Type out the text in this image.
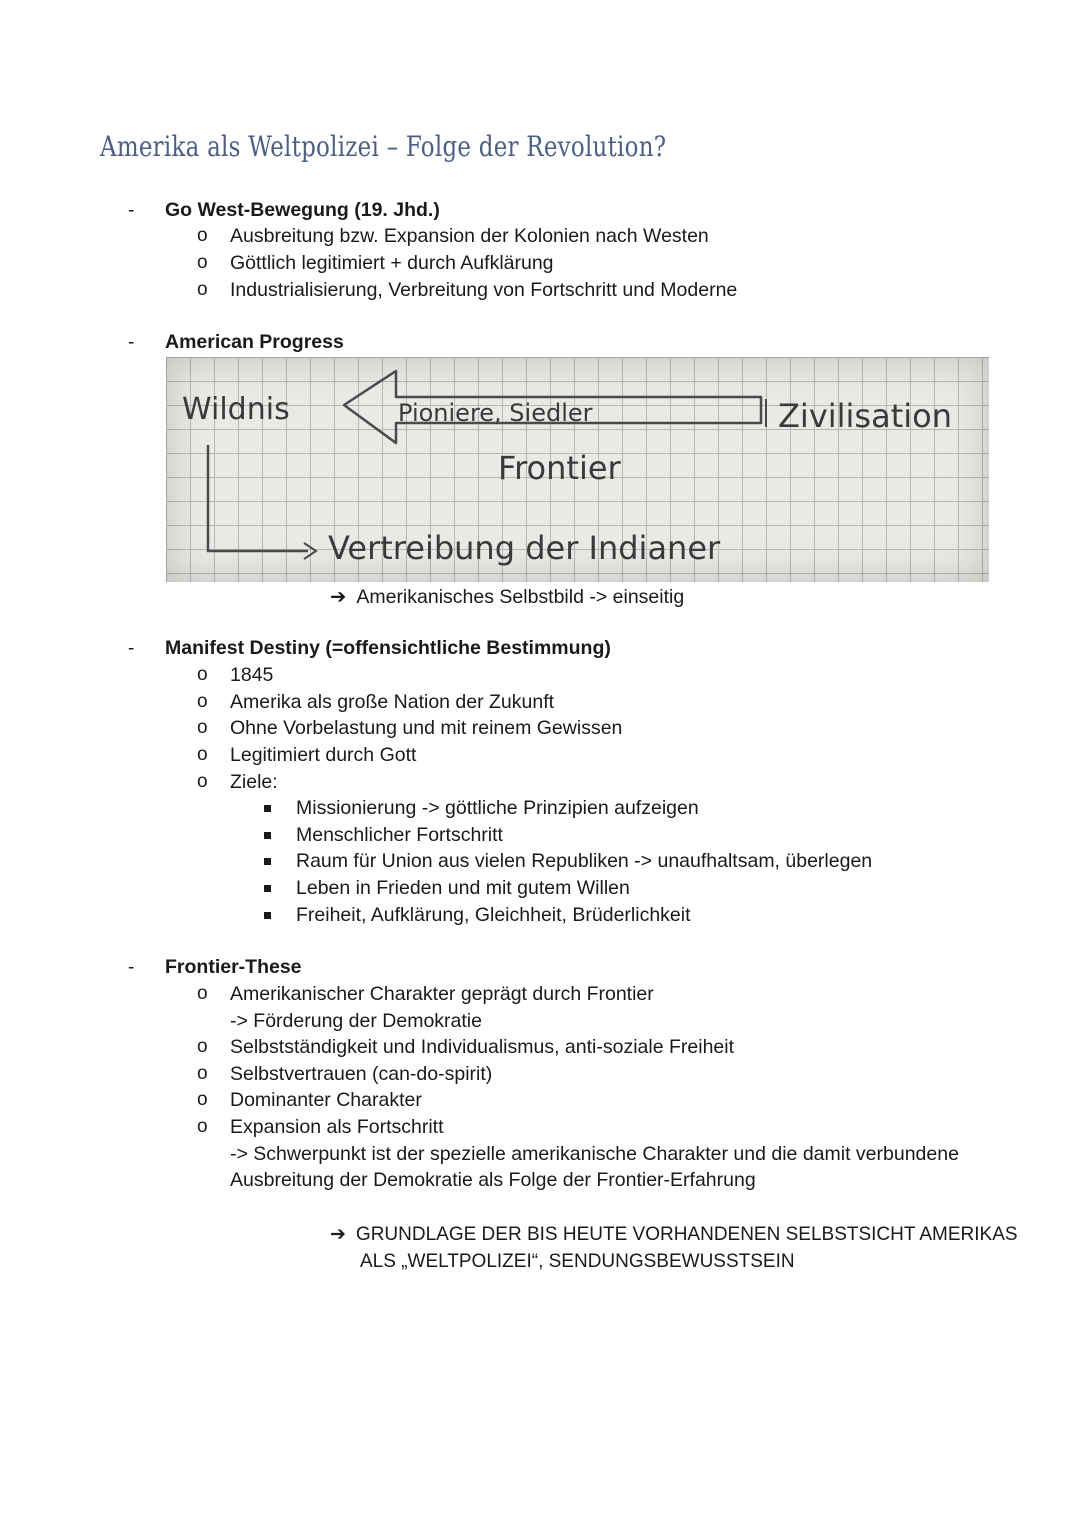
Amerika als Weltpolizei – Folge der Revolution?
- Go West-Bewegung (19. Jhd.)
o Ausbreitung bzw. Expansion der Kolonien nach Westen
o Göttlich legitimiert + durch Aufklärung
o Industrialisierung, Verbreitung von Fortschritt und Moderne
- American Progress
Wildnis	Pioniere, Siedler	Zivilisation
Frontier
Vertreibung der Indianer
➔ Amerikanisches Selbstbild -> einseitig
- Manifest Destiny (=offensichtliche Bestimmung)
o 1845
o Amerika als große Nation der Zukunft
o Ohne Vorbelastung und mit reinem Gewissen
o Legitimiert durch Gott
o Ziele:
Missionierung -> göttliche Prinzipien aufzeigen
Menschlicher Fortschritt
Raum für Union aus vielen Republiken -> unaufhaltsam, überlegen
Leben in Frieden und mit gutem Willen
Freiheit, Aufklärung, Gleichheit, Brüderlichkeit
- Frontier-These
o Amerikanischer Charakter geprägt durch Frontier
-> Förderung der Demokratie
o Selbstständigkeit und Individualismus, anti-soziale Freiheit
o Selbstvertrauen (can-do-spirit)
o Dominanter Charakter
o Expansion als Fortschritt
-> Schwerpunkt ist der spezielle amerikanische Charakter und die damit verbundene
Ausbreitung der Demokratie als Folge der Frontier-Erfahrung
➔ GRUNDLAGE DER BIS HEUTE VORHANDENEN SELBSTSICHT AMERIKAS
ALS „WELTPOLIZEI“, SENDUNGSBEWUSSTSEIN
